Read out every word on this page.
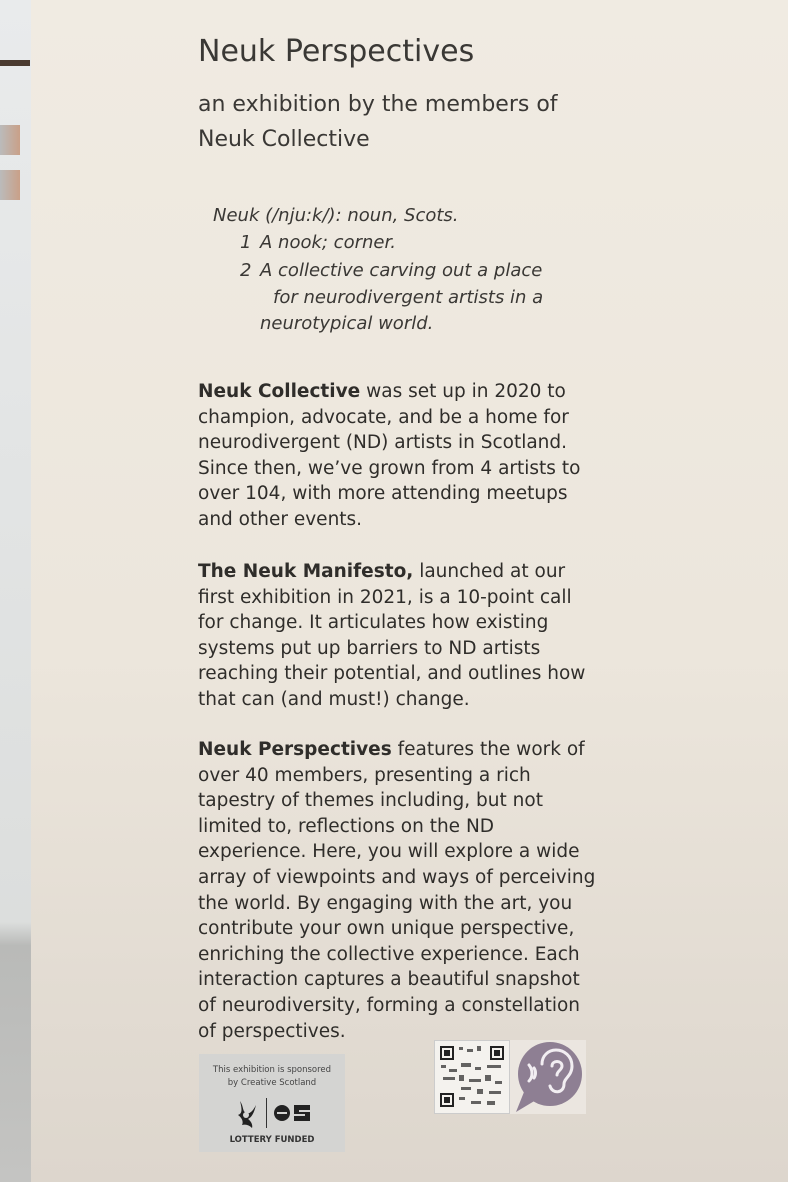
Neuk Perspectives
an exhibition by the members of
Neuk Collective
Neuk (/nju:k/): noun, Scots.
1 A nook; corner.
2 A collective carving out a place
for neurodivergent artists in a
neurotypical world.
Neuk Collective was set up in 2020 to champion, advocate, and be a home for neurodivergent (ND) artists in Scotland. Since then, we’ve grown from 4 artists to over 104, with more attending meetups and other events.
The Neuk Manifesto, launched at our first exhibition in 2021, is a 10-point call for change. It articulates how existing systems put up barriers to ND artists reaching their potential, and outlines how that can (and must!) change.
Neuk Perspectives features the work of over 40 members, presenting a rich tapestry of themes including, but not limited to, reflections on the ND experience. Here, you will explore a wide array of viewpoints and ways of perceiving the world. By engaging with the art, you contribute your own unique perspective, enriching the collective experience. Each interaction captures a beautiful snapshot of neurodiversity, forming a constellation of perspectives.
This exhibition is sponsored
by Creative Scotland
LOTTERY FUNDED
